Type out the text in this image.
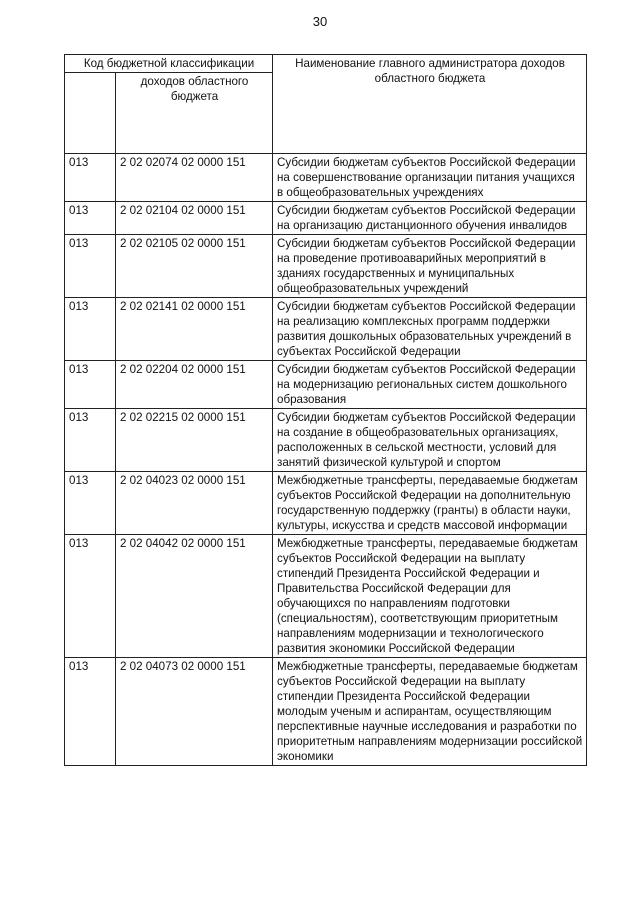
30
Код бюджетной классификации		Наименование главного администратора доходов областного бюджета
	доходов областного бюджета	
013	2 02 02074 02 0000 151	Субсидии бюджетам субъектов Российской Федерации на совершенствование организации питания учащихся в общеобразовательных учреждениях
013	2 02 02104 02 0000 151	Субсидии бюджетам субъектов Российской Федерации на организацию дистанционного обучения инвалидов
013	2 02 02105 02 0000 151	Субсидии бюджетам субъектов Российской Федерации на проведение противоаварийных мероприятий в зданиях государственных и муниципальных общеобразовательных учреждений
013	2 02 02141 02 0000 151	Субсидии бюджетам субъектов Российской Федерации на реализацию комплексных программ поддержки развития дошкольных образовательных учреждений в субъектах Российской Федерации
013	2 02 02204 02 0000 151	Субсидии бюджетам субъектов Российской Федерации на модернизацию региональных систем дошкольного образования
013	2 02 02215 02 0000 151	Субсидии бюджетам субъектов Российской Федерации на создание в общеобразовательных организациях, расположенных в сельской местности, условий для занятий физической культурой и спортом
013	2 02 04023 02 0000 151	Межбюджетные трансферты, передаваемые бюджетам субъектов Российской Федерации на дополнительную государственную поддержку (гранты) в области науки, культуры, искусства и средств массовой информации
013	2 02 04042 02 0000 151	Межбюджетные трансферты, передаваемые бюджетам субъектов Российской Федерации на выплату стипендий Президента Российской Федерации и Правительства Российской Федерации для обучающихся по направлениям подготовки (специальностям), соответствующим приоритетным направлениям модернизации и технологического развития экономики Российской Федерации
013	2 02 04073 02 0000 151	Межбюджетные трансферты, передаваемые бюджетам субъектов Российской Федерации на выплату стипендии Президента Российской Федерации молодым ученым и аспирантам, осуществляющим перспективные научные исследования и разработки по приоритетным направлениям модернизации российской экономики
